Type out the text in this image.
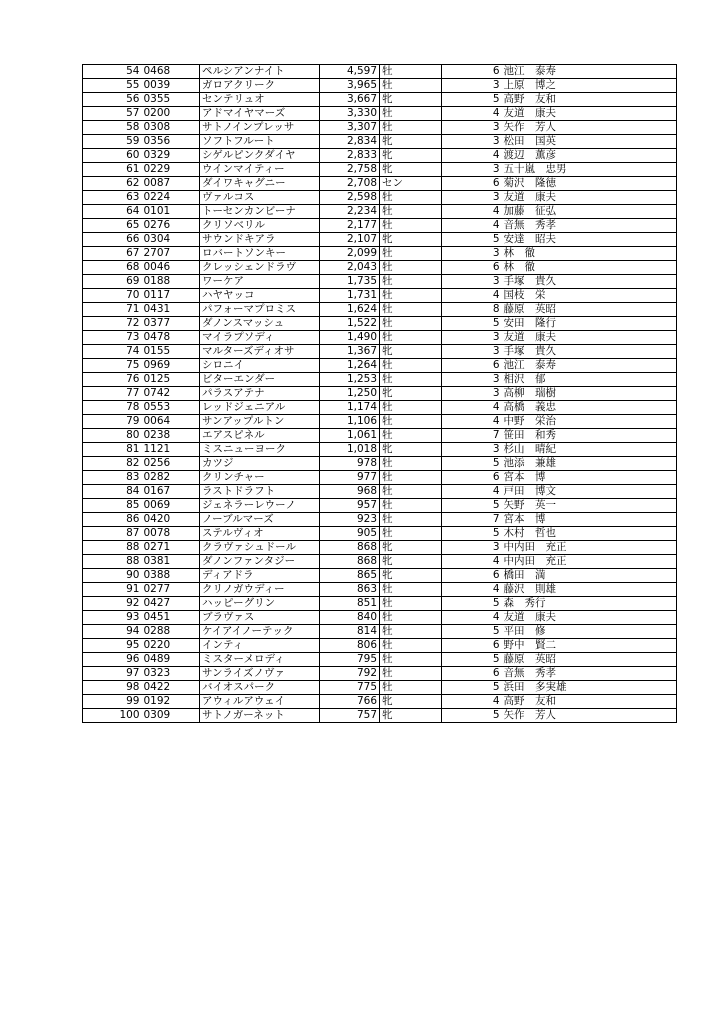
54	0468	ペルシアンナイト	4,597	牡	6	池江　泰寿
55	0039	ガロアクリーク	3,965	牡	3	上原　博之
56	0355	センテリュオ	3,667	牝	5	高野　友和
57	0200	アドマイヤマーズ	3,330	牡	4	友道　康夫
58	0308	サトノインプレッサ	3,307	牡	3	矢作　芳人
59	0356	ソフトフルート	2,834	牝	3	松田　国英
60	0329	シゲルピンクダイヤ	2,833	牝	4	渡辺　薫彦
61	0229	ウインマイティー	2,758	牝	3	五十嵐　忠男
62	0087	ダイワキャグニー	2,708	セン	6	菊沢　隆徳
63	0224	ヴァルコス	2,598	牡	3	友道　康夫
64	0101	トーセンカンビーナ	2,234	牡	4	加藤　征弘
65	0276	クリソベリル	2,177	牡	4	音無　秀孝
66	0304	サウンドキアラ	2,107	牝	5	安達　昭夫
67	2707	ロバートソンキー	2,099	牡	3	林　徹
68	0046	クレッシェンドラヴ	2,043	牡	6	林　徹
69	0188	ワーケア	1,735	牡	3	手塚　貴久
70	0117	ハヤヤッコ	1,731	牡	4	国枝　栄
71	0431	パフォーマプロミス	1,624	牡	8	藤原　英昭
72	0377	ダノンスマッシュ	1,522	牡	5	安田　隆行
73	0478	マイラプソディ	1,490	牡	3	友道　康夫
74	0155	マルターズディオサ	1,367	牝	3	手塚　貴久
75	0969	シロニイ	1,264	牡	6	池江　泰寿
76	0125	ビターエンダー	1,253	牡	3	相沢　郁
77	0742	パラスアテナ	1,250	牝	3	高柳　瑞樹
78	0553	レッドジェニアル	1,174	牡	4	高橋　義忠
79	0064	サンアップルトン	1,106	牡	4	中野　栄治
80	0238	エアスピネル	1,061	牡	7	笹田　和秀
81	1121	ミスニューヨーク	1,018	牝	3	杉山　晴紀
82	0256	カツジ	978	牡	5	池添　兼雄
83	0282	クリンチャー	977	牡	6	宮本　博
84	0167	ラストドラフト	968	牡	4	戸田　博文
85	0069	ジェネラーレウーノ	957	牡	5	矢野　英一
86	0420	ノーブルマーズ	923	牡	7	宮本　博
87	0078	ステルヴィオ	905	牡	5	木村　哲也
88	0271	クラヴァシュドール	868	牝	3	中内田　充正
88	0381	ダノンファンタジー	868	牝	4	中内田　充正
90	0388	ディアドラ	865	牝	6	橋田　満
91	0277	クリノガウディー	863	牡	4	藤沢　則雄
92	0427	ハッピーグリン	851	牡	5	森　秀行
93	0451	ブラヴァス	840	牡	4	友道　康夫
94	0288	ケイアイノーテック	814	牡	5	平田　修
95	0220	インティ	806	牡	6	野中　賢二
96	0489	ミスターメロディ	795	牡	5	藤原　英昭
97	0323	サンライズノヴァ	792	牡	6	音無　秀孝
98	0422	バイオスパーク	775	牡	5	浜田　多実雄
99	0192	アウィルアウェイ	766	牝	4	高野　友和
100	0309	サトノガーネット	757	牝	5	矢作　芳人
